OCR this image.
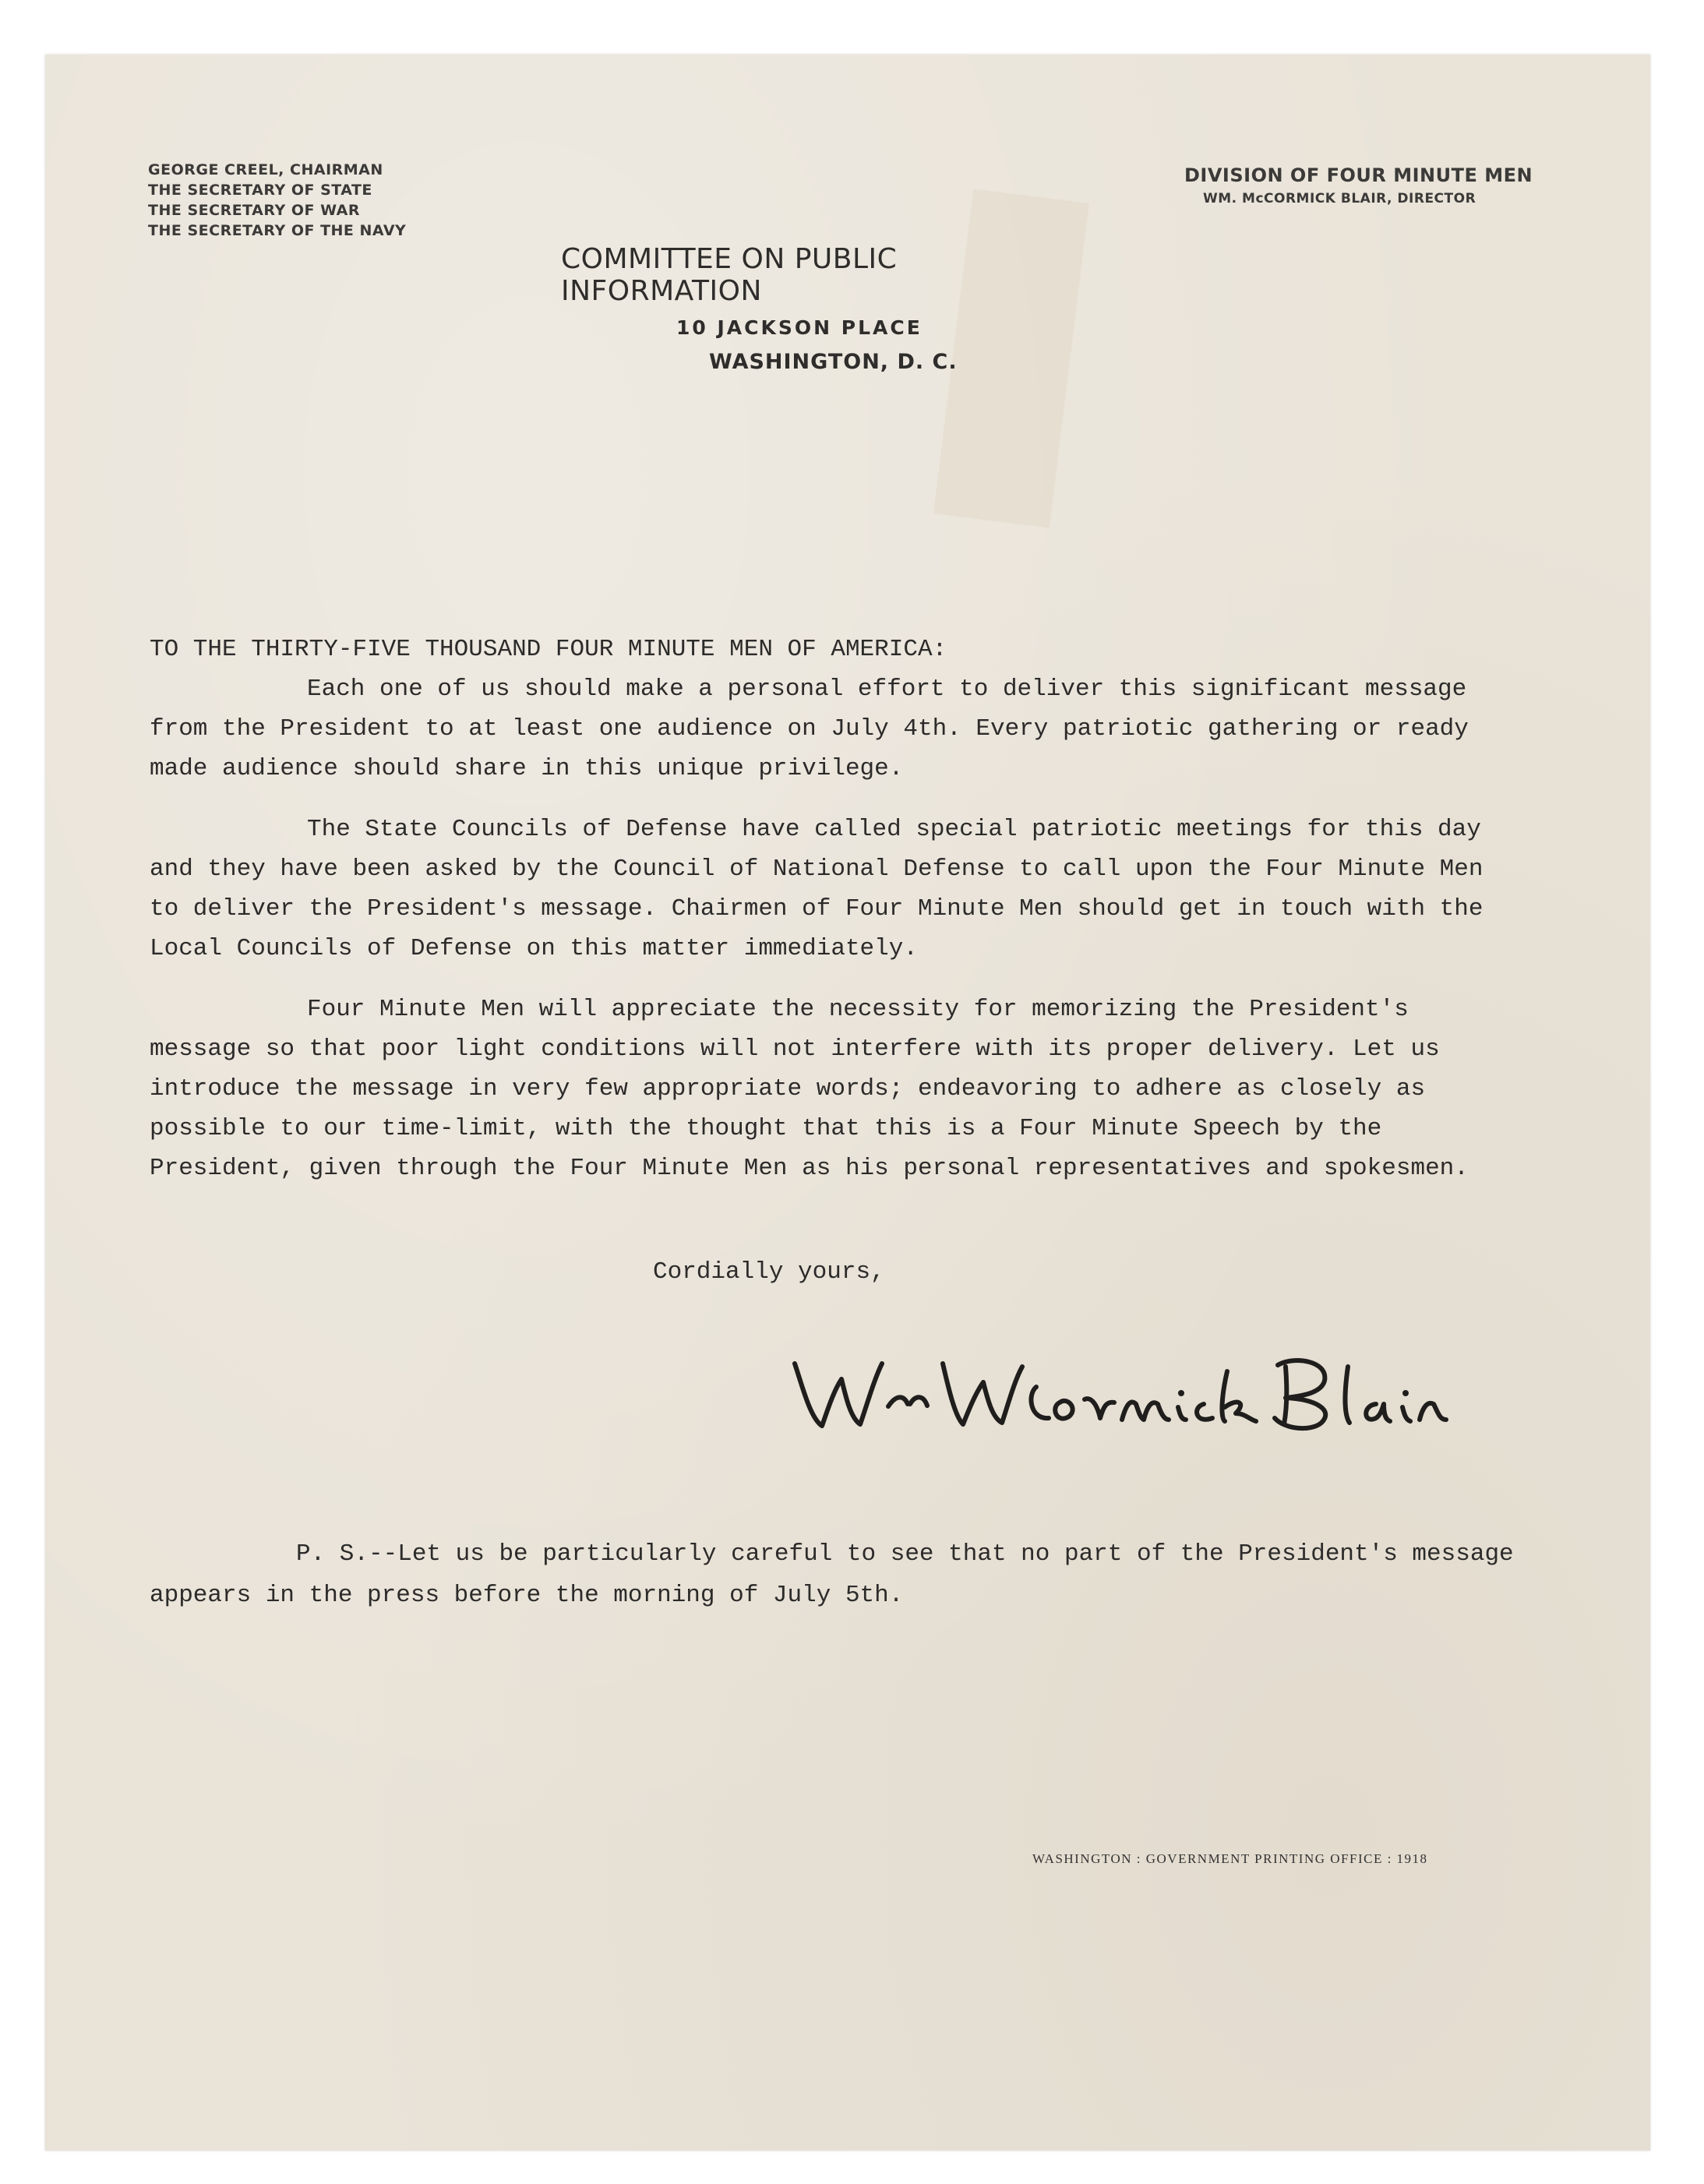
GEORGE CREEL, CHAIRMAN
THE SECRETARY OF STATE
THE SECRETARY OF WAR
THE SECRETARY OF THE NAVY
DIVISION OF FOUR MINUTE MEN
WM. McCORMICK BLAIR, DIRECTOR
COMMITTEE ON PUBLIC INFORMATION
10 JACKSON PLACE
WASHINGTON, D. C.

TO THE THIRTY-FIVE THOUSAND FOUR MINUTE MEN OF AMERICA:

Each one of us should make a personal effort to deliver this significant message from the President to at least one audience on July 4th. Every patriotic gathering or ready made audience should share in this unique privilege.

The State Councils of Defense have called special patriotic meetings for this day and they have been asked by the Council of National Defense to call upon the Four Minute Men to deliver the President's message. Chairmen of Four Minute Men should get in touch with the Local Councils of Defense on this matter immediately.

Four Minute Men will appreciate the necessity for memorizing the President's message so that poor light conditions will not interfere with its proper delivery. Let us introduce the message in very few appropriate words; endeavoring to adhere as closely as possible to our time-limit, with the thought that this is a Four Minute Speech by the President, given through the Four Minute Men as his personal representatives and spokesmen.

Cordially yours,

P. S.--Let us be particularly careful to see that no part of the President's message appears in the press before the morning of July 5th.

WASHINGTON : GOVERNMENT PRINTING OFFICE : 1918
